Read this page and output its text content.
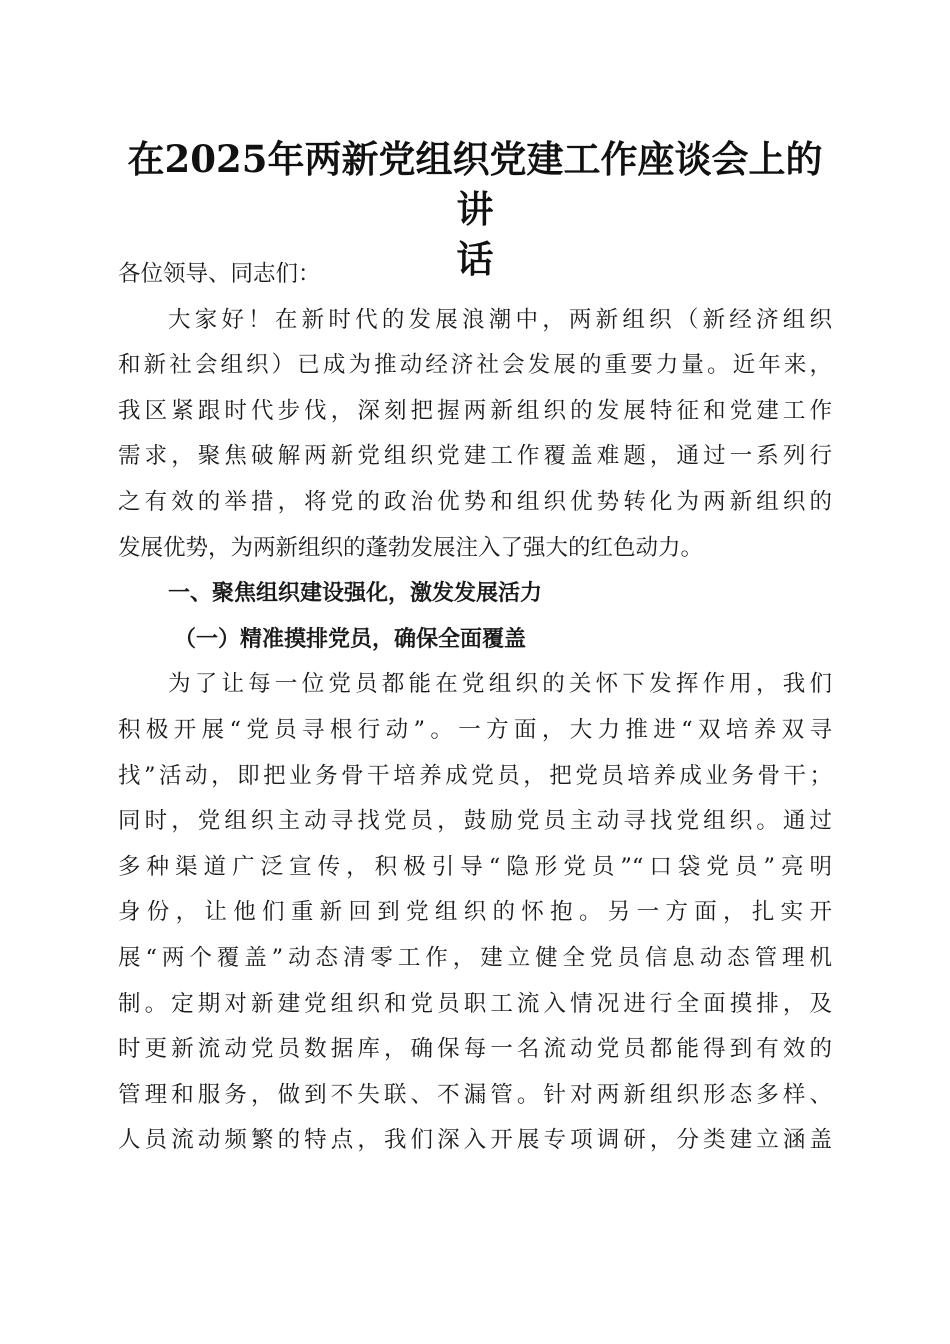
在2025年两新党组织党建工作座谈会上的讲
话
各位领导、同志们：
大家好！在新时代的发展浪潮中，两新组织（新经济组织
和新社会组织）已成为推动经济社会发展的重要力量。近年来，
我区紧跟时代步伐，深刻把握两新组织的发展特征和党建工作
需求，聚焦破解两新党组织党建工作覆盖难题，通过一系列行
之有效的举措，将党的政治优势和组织优势转化为两新组织的
发展优势，为两新组织的蓬勃发展注入了强大的红色动力。
一、聚焦组织建设强化，激发发展活力
（一）精准摸排党员，确保全面覆盖
为了让每一位党员都能在党组织的关怀下发挥作用，我们
积极开展“党员寻根行动”。一方面，大力推进“双培养双寻
找”活动，即把业务骨干培养成党员，把党员培养成业务骨干；
同时，党组织主动寻找党员，鼓励党员主动寻找党组织。通过
多种渠道广泛宣传，积极引导“隐形党员”“口袋党员”亮明
身份，让他们重新回到党组织的怀抱。另一方面，扎实开
展“两个覆盖”动态清零工作，建立健全党员信息动态管理机
制。定期对新建党组织和党员职工流入情况进行全面摸排，及
时更新流动党员数据库，确保每一名流动党员都能得到有效的
管理和服务，做到不失联、不漏管。针对两新组织形态多样、
人员流动频繁的特点，我们深入开展专项调研，分类建立涵盖
